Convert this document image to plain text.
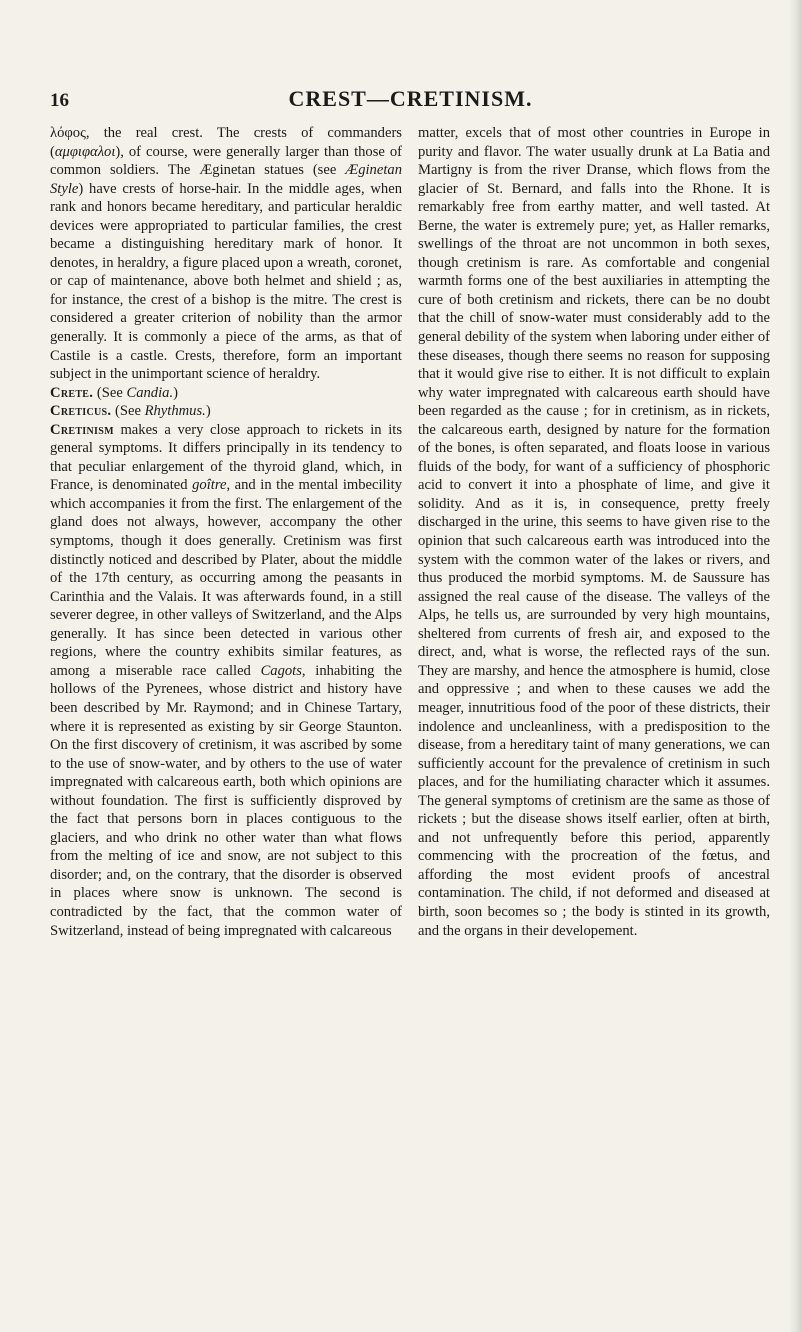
16	CREST—CRETINISM.

λόφος, the real crest. The crests of commanders (αμφιφαλοι), of course, were generally larger than those of common soldiers. The Æginetan statues (see Æginetan Style) have crests of horse-hair. In the middle ages, when rank and honors became hereditary, and particular heraldic devices were appropriated to particular families, the crest became a distinguishing hereditary mark of honor. It denotes, in heraldry, a figure placed upon a wreath, coronet, or cap of maintenance, above both helmet and shield ; as, for instance, the crest of a bishop is the mitre. The crest is considered a greater criterion of nobility than the armor generally. It is commonly a piece of the arms, as that of Castile is a castle. Crests, therefore, form an important subject in the unimportant science of heraldry.

Crete. (See Candia.)

Creticus. (See Rhythmus.)

Cretinism makes a very close approach to rickets in its general symptoms. It differs principally in its tendency to that peculiar enlargement of the thyroid gland, which, in France, is denominated goître, and in the mental imbecility which accompanies it from the first. The enlargement of the gland does not always, however, accompany the other symptoms, though it does generally. Cretinism was first distinctly noticed and described by Plater, about the middle of the 17th century, as occurring among the peasants in Carinthia and the Valais. It was afterwards found, in a still severer degree, in other valleys of Switzerland, and the Alps generally. It has since been detected in various other regions, where the country exhibits similar features, as among a miserable race called Cagots, inhabiting the hollows of the Pyrenees, whose district and history have been described by Mr. Raymond; and in Chinese Tartary, where it is represented as existing by sir George Staunton. On the first discovery of cretinism, it was ascribed by some to the use of snow-water, and by others to the use of water impregnated with calcareous earth, both which opinions are without foundation. The first is sufficiently disproved by the fact that persons born in places contiguous to the glaciers, and who drink no other water than what flows from the melting of ice and snow, are not subject to this disorder; and, on the contrary, that the disorder is observed in places where snow is unknown. The second is contradicted by the fact, that the common water of Switzerland, instead of being impregnated with calcareous

matter, excels that of most other countries in Europe in purity and flavor. The water usually drunk at La Batia and Martigny is from the river Dranse, which flows from the glacier of St. Bernard, and falls into the Rhone. It is remarkably free from earthy matter, and well tasted. At Berne, the water is extremely pure; yet, as Haller remarks, swellings of the throat are not uncommon in both sexes, though cretinism is rare. As comfortable and congenial warmth forms one of the best auxiliaries in attempting the cure of both cretinism and rickets, there can be no doubt that the chill of snow-water must considerably add to the general debility of the system when laboring under either of these diseases, though there seems no reason for supposing that it would give rise to either. It is not difficult to explain why water impregnated with calcareous earth should have been regarded as the cause ; for in cretinism, as in rickets, the calcareous earth, designed by nature for the formation of the bones, is often separated, and floats loose in various fluids of the body, for want of a sufficiency of phosphoric acid to convert it into a phosphate of lime, and give it solidity. And as it is, in consequence, pretty freely discharged in the urine, this seems to have given rise to the opinion that such calcareous earth was introduced into the system with the common water of the lakes or rivers, and thus produced the morbid symptoms. M. de Saussure has assigned the real cause of the disease. The valleys of the Alps, he tells us, are surrounded by very high mountains, sheltered from currents of fresh air, and exposed to the direct, and, what is worse, the reflected rays of the sun. They are marshy, and hence the atmosphere is humid, close and oppressive ; and when to these causes we add the meager, innutritious food of the poor of these districts, their indolence and uncleanliness, with a predisposition to the disease, from a hereditary taint of many generations, we can sufficiently account for the prevalence of cretinism in such places, and for the humiliating character which it assumes. The general symptoms of cretinism are the same as those of rickets ; but the disease shows itself earlier, often at birth, and not unfrequently before this period, apparently commencing with the procreation of the fœtus, and affording the most evident proofs of ancestral contamination. The child, if not deformed and diseased at birth, soon becomes so ; the body is stinted in its growth, and the organs in their developement.
